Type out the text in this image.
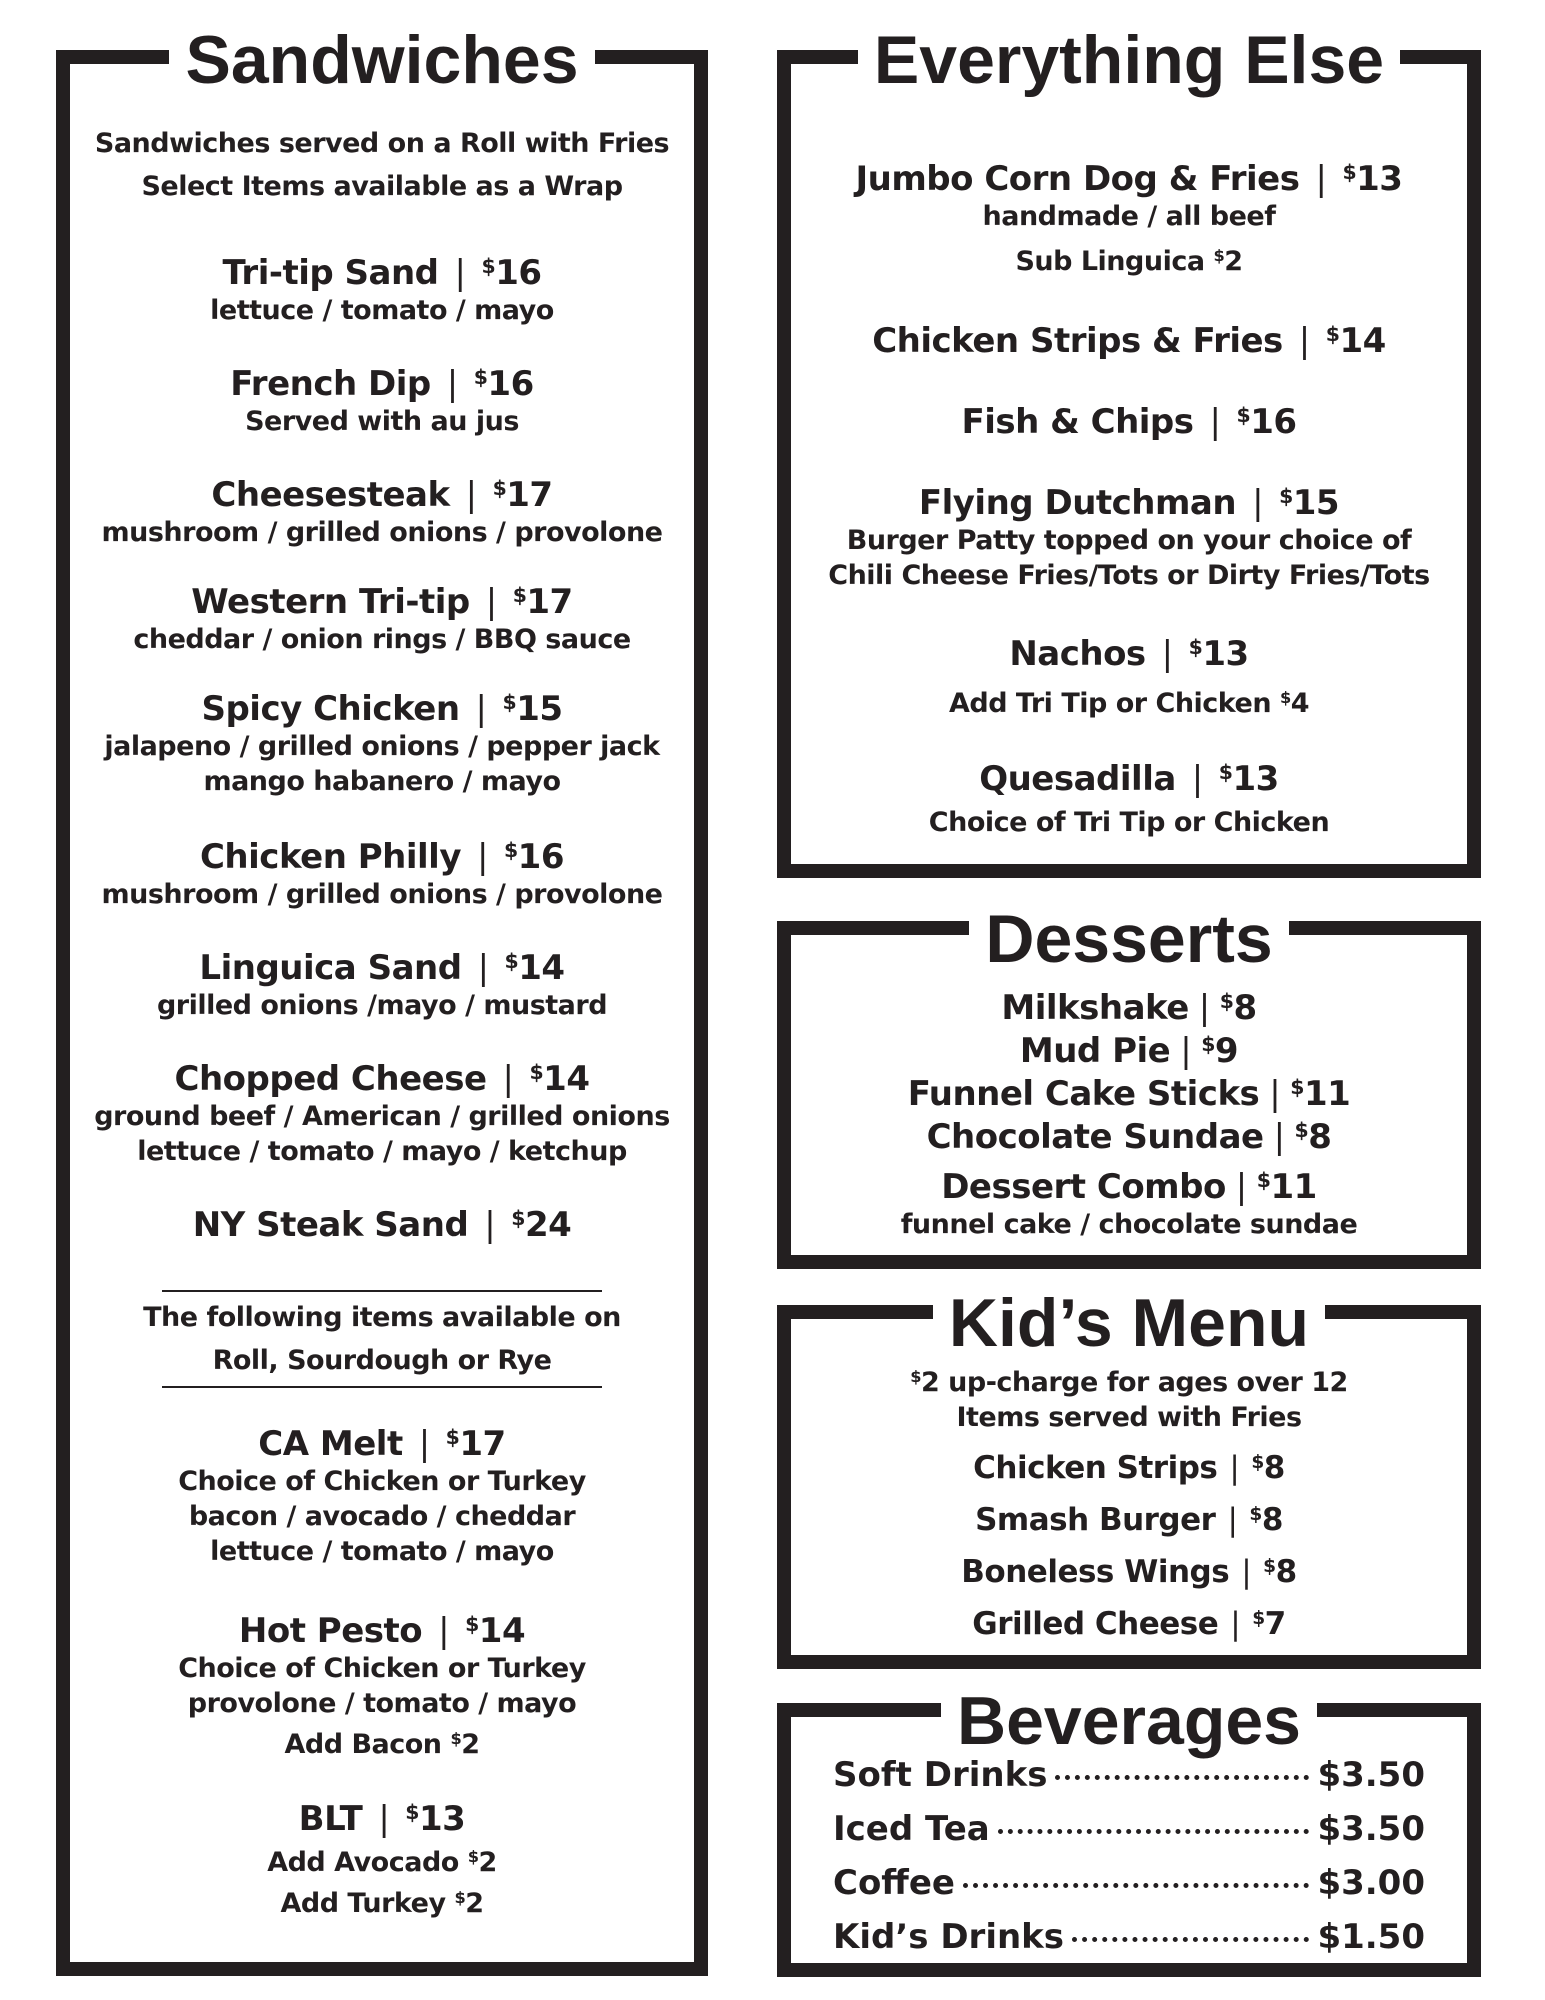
Sandwiches
Sandwiches served on a Roll with Fries
Select Items available as a Wrap
Tri-tip Sand | $16
lettuce / tomato / mayo
French Dip | $16
Served with au jus
Cheesesteak | $17
mushroom / grilled onions / provolone
Western Tri-tip | $17
cheddar / onion rings / BBQ sauce
Spicy Chicken | $15
jalapeno / grilled onions / pepper jack
mango habanero / mayo
Chicken Philly | $16
mushroom / grilled onions / provolone
Linguica Sand | $14
grilled onions /mayo / mustard
Chopped Cheese | $14
ground beef / American / grilled onions
lettuce / tomato / mayo / ketchup
NY Steak Sand | $24
The following items available on
Roll, Sourdough or Rye
CA Melt | $17
Choice of Chicken or Turkey
bacon / avocado / cheddar
lettuce / tomato / mayo
Hot Pesto | $14
Choice of Chicken or Turkey
provolone / tomato / mayo
Add Bacon $2
BLT | $13
Add Avocado $2
Add Turkey $2
Everything Else
Jumbo Corn Dog & Fries | $13
handmade / all beef
Sub Linguica $2
Chicken Strips & Fries | $14
Fish & Chips | $16
Flying Dutchman | $15
Burger Patty topped on your choice of
Chili Cheese Fries/Tots or Dirty Fries/Tots
Nachos | $13
Add Tri Tip or Chicken $4
Quesadilla | $13
Choice of Tri Tip or Chicken
Desserts
Milkshake | $8
Mud Pie | $9
Funnel Cake Sticks | $11
Chocolate Sundae | $8
Dessert Combo | $11
funnel cake / chocolate sundae
Kid’s Menu
$2 up-charge for ages over 12
Items served with Fries
Chicken Strips | $8
Smash Burger | $8
Boneless Wings | $8
Grilled Cheese | $7
Beverages
Soft Drinks	$3.50
Iced Tea	$3.50
Coffee	$3.00
Kid’s Drinks	$1.50
